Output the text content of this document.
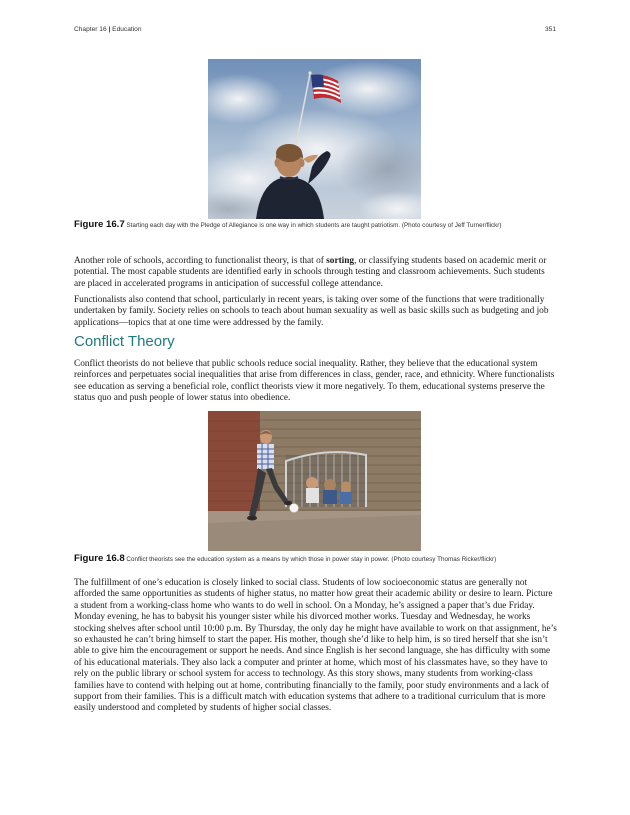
Chapter 16 | Education	351
Figure 16.7 Starting each day with the Pledge of Allegiance is one way in which students are taught patriotism. (Photo courtesy of Jeff Turner/flickr)

Another role of schools, according to functionalist theory, is that of sorting, or classifying students based on academic merit or potential. The most capable students are identified early in schools through testing and classroom achievements. Such students are placed in accelerated programs in anticipation of successful college attendance.

Functionalists also contend that school, particularly in recent years, is taking over some of the functions that were traditionally undertaken by family. Society relies on schools to teach about human sexuality as well as basic skills such as budgeting and job applications—topics that at one time were addressed by the family.

Conflict Theory

Conflict theorists do not believe that public schools reduce social inequality. Rather, they believe that the educational system reinforces and perpetuates social inequalities that arise from differences in class, gender, race, and ethnicity. Where functionalists see education as serving a beneficial role, conflict theorists view it more negatively. To them, educational systems preserve the status quo and push people of lower status into obedience.

Figure 16.8 Conflict theorists see the education system as a means by which those in power stay in power. (Photo courtesy Thomas Ricker/flickr)

The fulfillment of one’s education is closely linked to social class. Students of low socioeconomic status are generally not afforded the same opportunities as students of higher status, no matter how great their academic ability or desire to learn. Picture a student from a working-class home who wants to do well in school. On a Monday, he’s assigned a paper that’s due Friday. Monday evening, he has to babysit his younger sister while his divorced mother works. Tuesday and Wednesday, he works stocking shelves after school until 10:00 p.m. By Thursday, the only day he might have available to work on that assignment, he’s so exhausted he can’t bring himself to start the paper. His mother, though she’d like to help him, is so tired herself that she isn’t able to give him the encouragement or support he needs. And since English is her second language, she has difficulty with some of his educational materials. They also lack a computer and printer at home, which most of his classmates have, so they have to rely on the public library or school system for access to technology. As this story shows, many students from working-class families have to contend with helping out at home, contributing financially to the family, poor study environments and a lack of support from their families. This is a difficult match with education systems that adhere to a traditional curriculum that is more easily understood and completed by students of higher social classes.
